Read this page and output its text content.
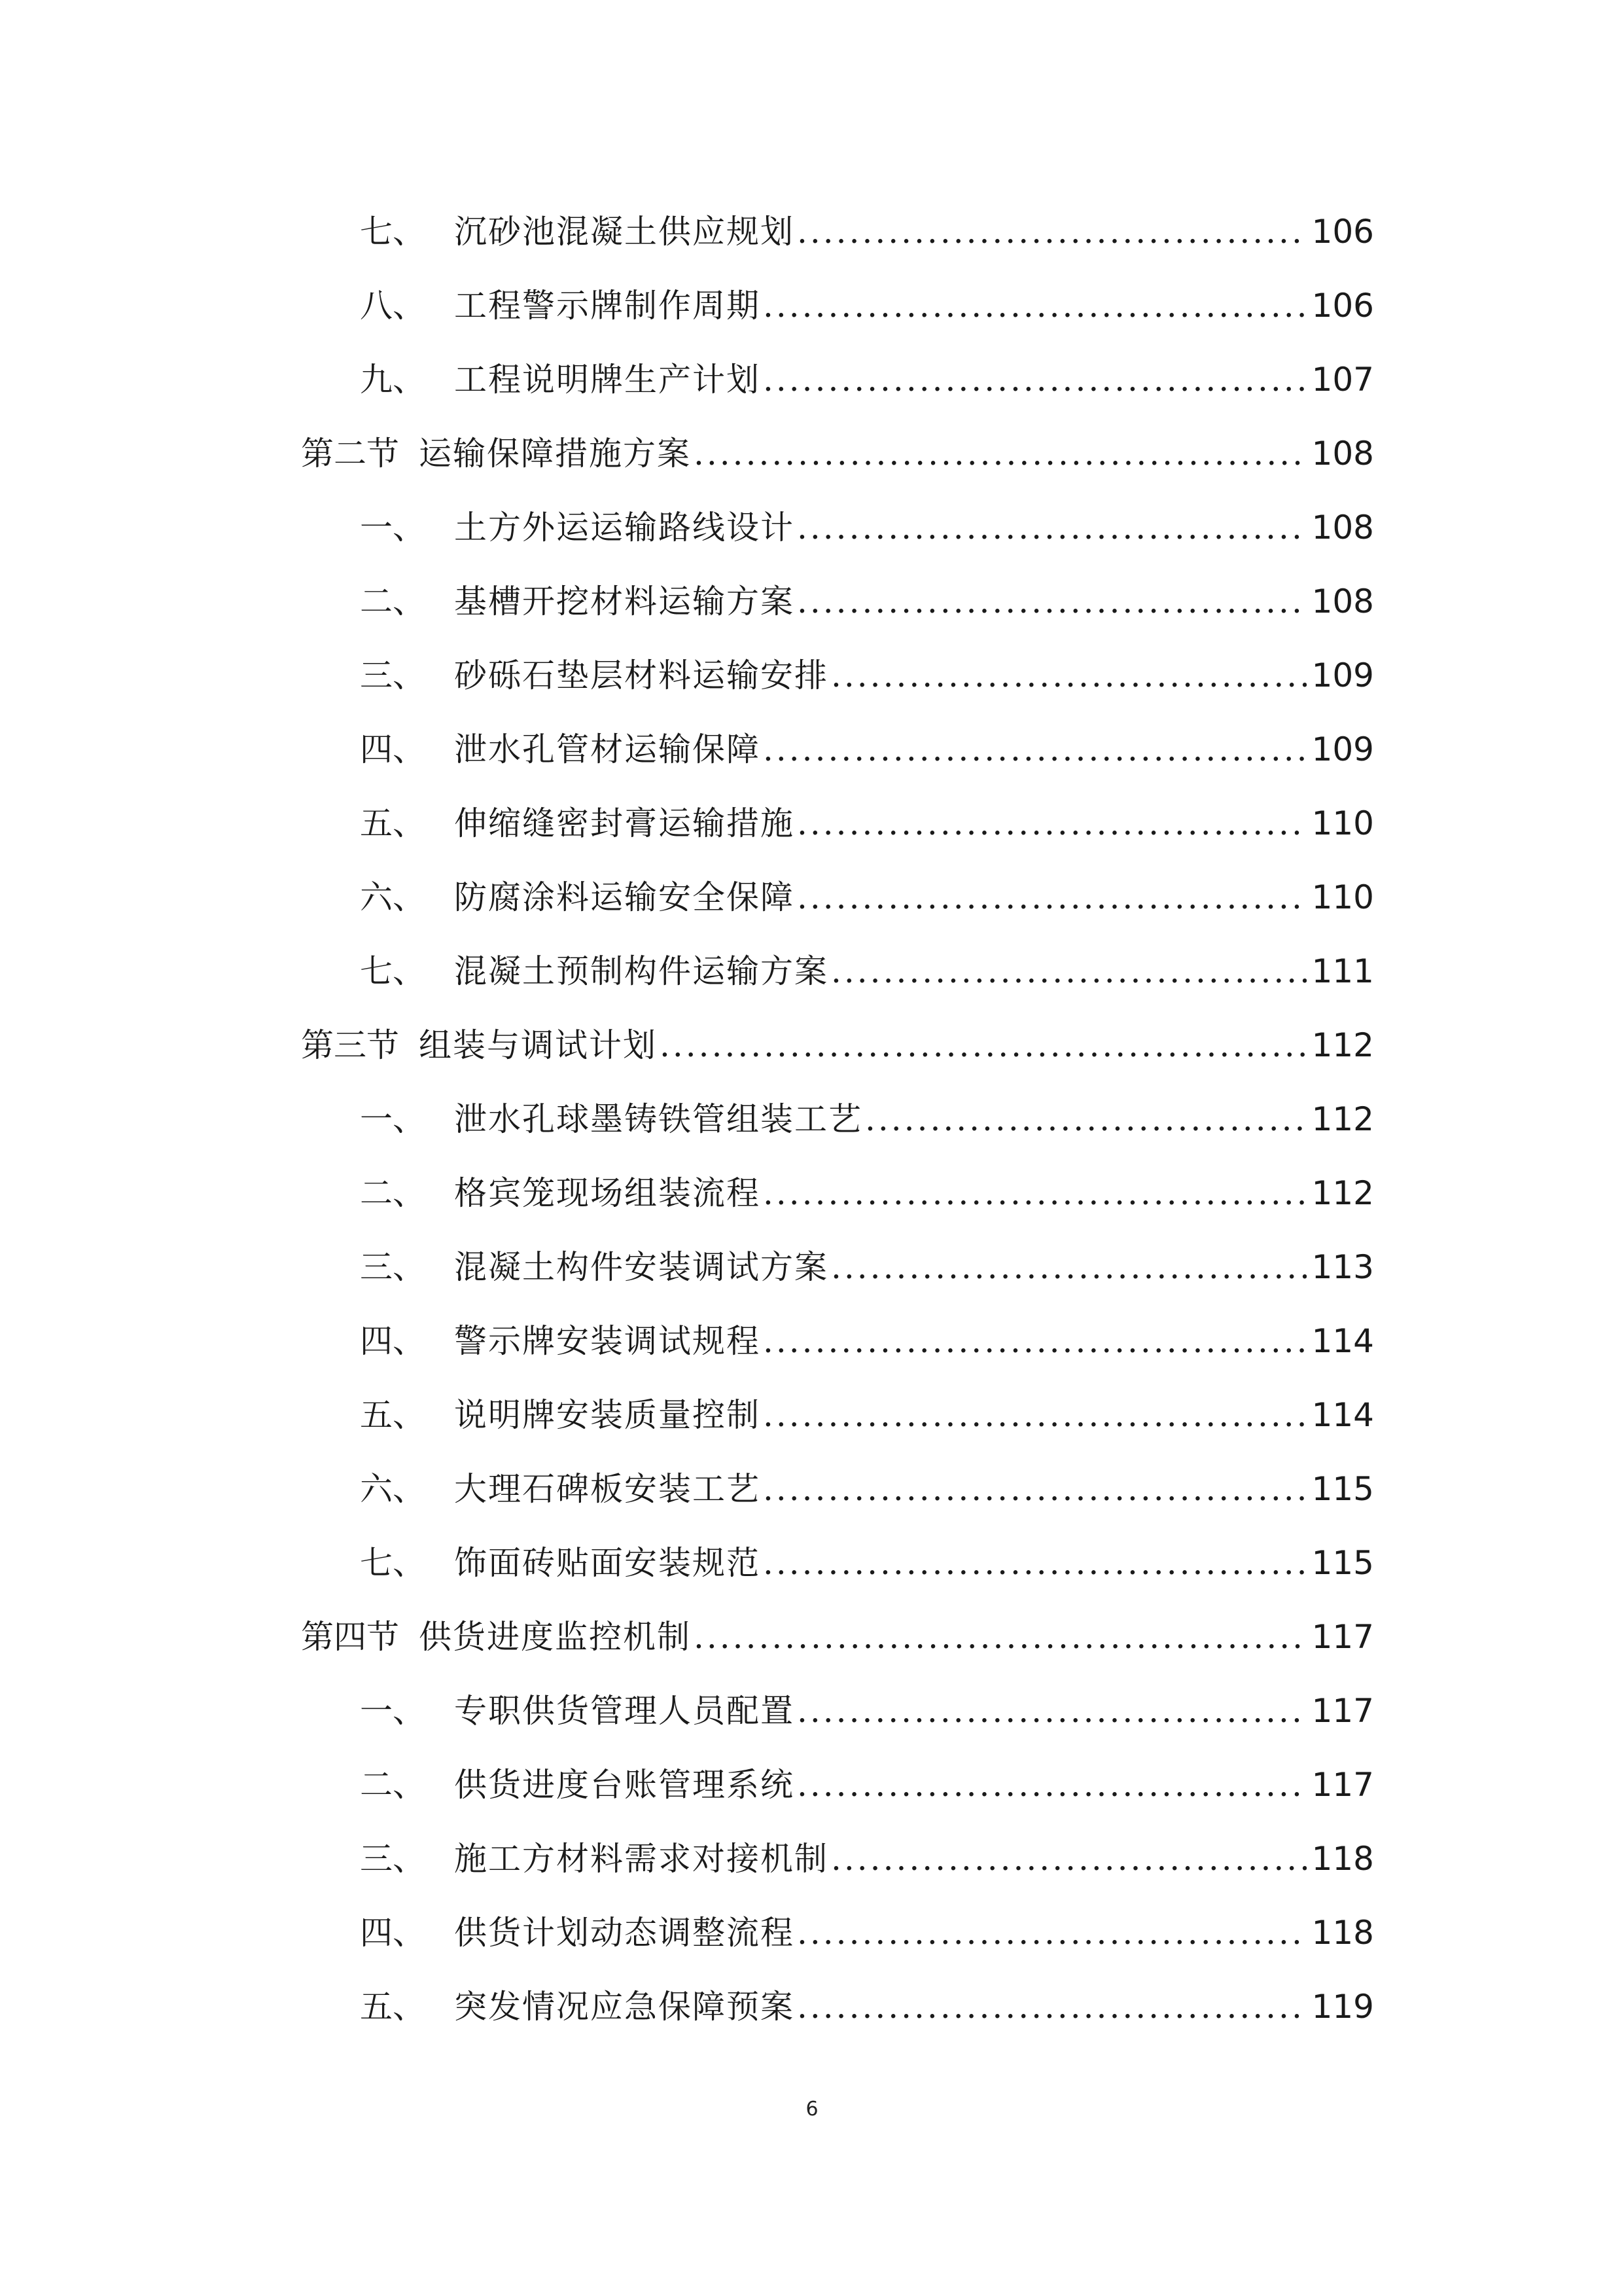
七、 沉砂池混凝土供应规划 .....	106
八、 工程警示牌制作周期 .....	106
九、 工程说明牌生产计划 .....	107
第二节 运输保障措施方案 .....	108
一、 土方外运运输路线设计 .....	108
二、 基槽开挖材料运输方案 .....	108
三、 砂砾石垫层材料运输安排 .....	109
四、 泄水孔管材运输保障 .....	109
五、 伸缩缝密封膏运输措施 .....	110
六、 防腐涂料运输安全保障 .....	110
七、 混凝土预制构件运输方案 .....	111
第三节 组装与调试计划 .....	112
一、 泄水孔球墨铸铁管组装工艺 .....	112
二、 格宾笼现场组装流程 .....	112
三、 混凝土构件安装调试方案 .....	113
四、 警示牌安装调试规程 .....	114
五、 说明牌安装质量控制 .....	114
六、 大理石碑板安装工艺 .....	115
七、 饰面砖贴面安装规范 .....	115
第四节 供货进度监控机制 .....	117
一、 专职供货管理人员配置 .....	117
二、 供货进度台账管理系统 .....	117
三、 施工方材料需求对接机制 .....	118
四、 供货计划动态调整流程 .....	118
五、 突发情况应急保障预案 .....	119
6
